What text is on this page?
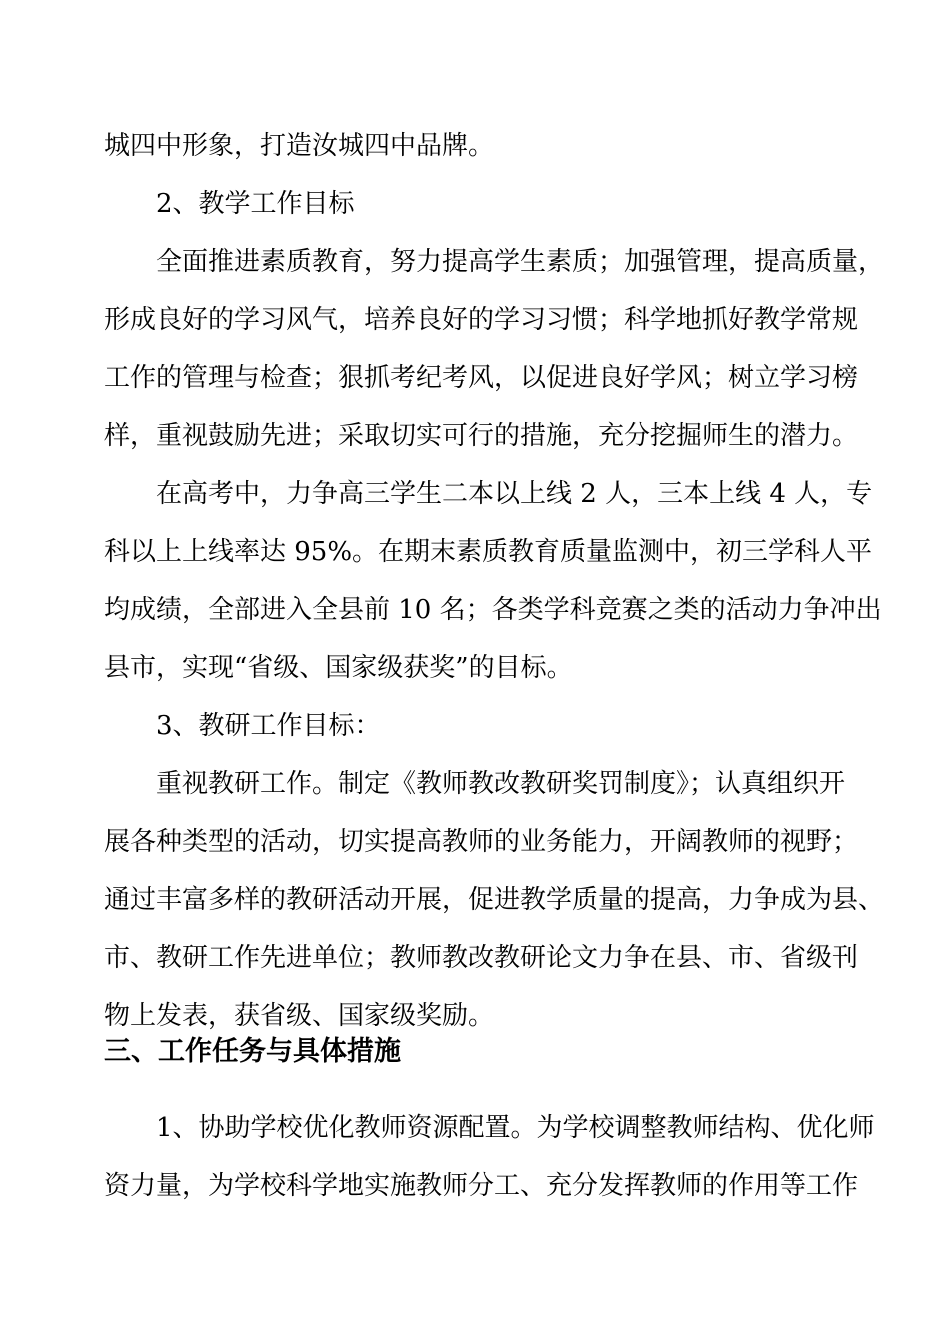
城四中形象，打造汝城四中品牌。
2、教学工作目标
全面推进素质教育，努力提高学生素质；加强管理，提高质量，
形成良好的学习风气，培养良好的学习习惯；科学地抓好教学常规
工作的管理与检查；狠抓考纪考风，以促进良好学风；树立学习榜
样，重视鼓励先进；采取切实可行的措施，充分挖掘师生的潜力。
在高考中，力争高三学生二本以上线 2 人，三本上线 4 人，专
科以上上线率达 95%。在期末素质教育质量监测中，初三学科人平
均成绩，全部进入全县前 10 名；各类学科竞赛之类的活动力争冲出
县市，实现“省级、国家级获奖”的目标。
3、教研工作目标：
重视教研工作。制定《教师教改教研奖罚制度》；认真组织开
展各种类型的活动，切实提高教师的业务能力，开阔教师的视野；
通过丰富多样的教研活动开展，促进教学质量的提高，力争成为县、
市、教研工作先进单位；教师教改教研论文力争在县、市、省级刊
物上发表，获省级、国家级奖励。
三、工作任务与具体措施
1、协助学校优化教师资源配置。为学校调整教师结构、优化师
资力量，为学校科学地实施教师分工、充分发挥教师的作用等工作
